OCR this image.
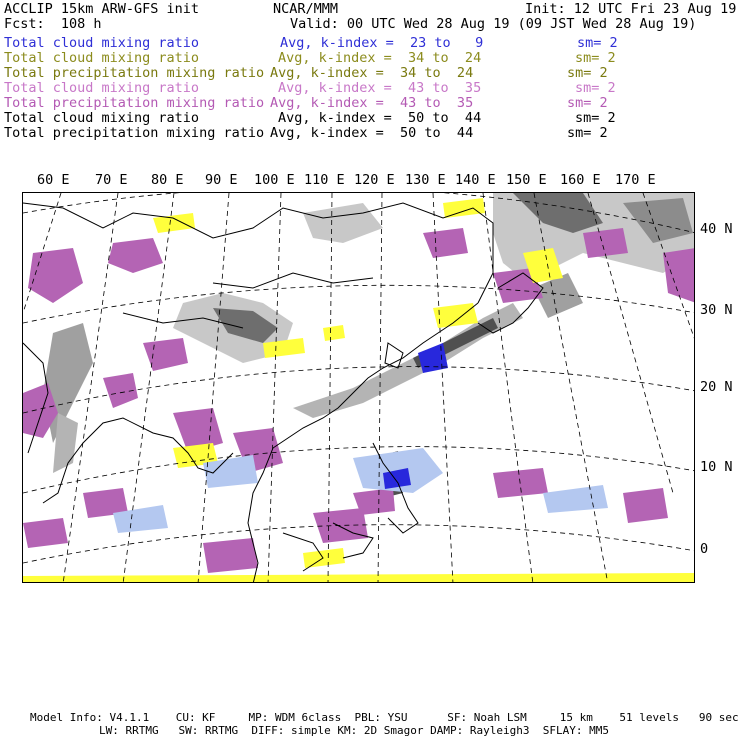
ACCLIP 15km ARW-GFS init	NCAR/MMM	Init: 12 UTC Fri 23 Aug 19
Fcst:  108 h	Valid: 00 UTC Wed 28 Aug 19 (09 JST Wed 28 Aug 19)
Total cloud mixing ratio	Avg, k-index =  23 to   9	sm= 2
Total cloud mixing ratio	Avg, k-index =  34 to  24	sm= 2
Total precipitation mixing ratio Avg, k-index =  34 to  24	sm= 2
Total cloud mixing ratio	Avg, k-index =  43 to  35	sm= 2
Total precipitation mixing ratio Avg, k-index =  43 to  35	sm= 2
Total cloud mixing ratio	Avg, k-index =  50 to  44	sm= 2
Total precipitation mixing ratio Avg, k-index =  50 to  44	sm= 2
60 E 70 E 80 E 90 E 100 E 110 E 120 E 130 E 140 E 150 E 160 E 170 E
40 N
30 N
20 N
10 N
0
Model Info: V4.1.1    CU: KF     MP: WDM 6class  PBL: YSU      SF: Noah LSM     15 km    51 levels   90 sec
LW: RRTMG   SW: RRTMG  DIFF: simple KM: 2D Smagor DAMP: Rayleigh3  SFLAY: MM5
